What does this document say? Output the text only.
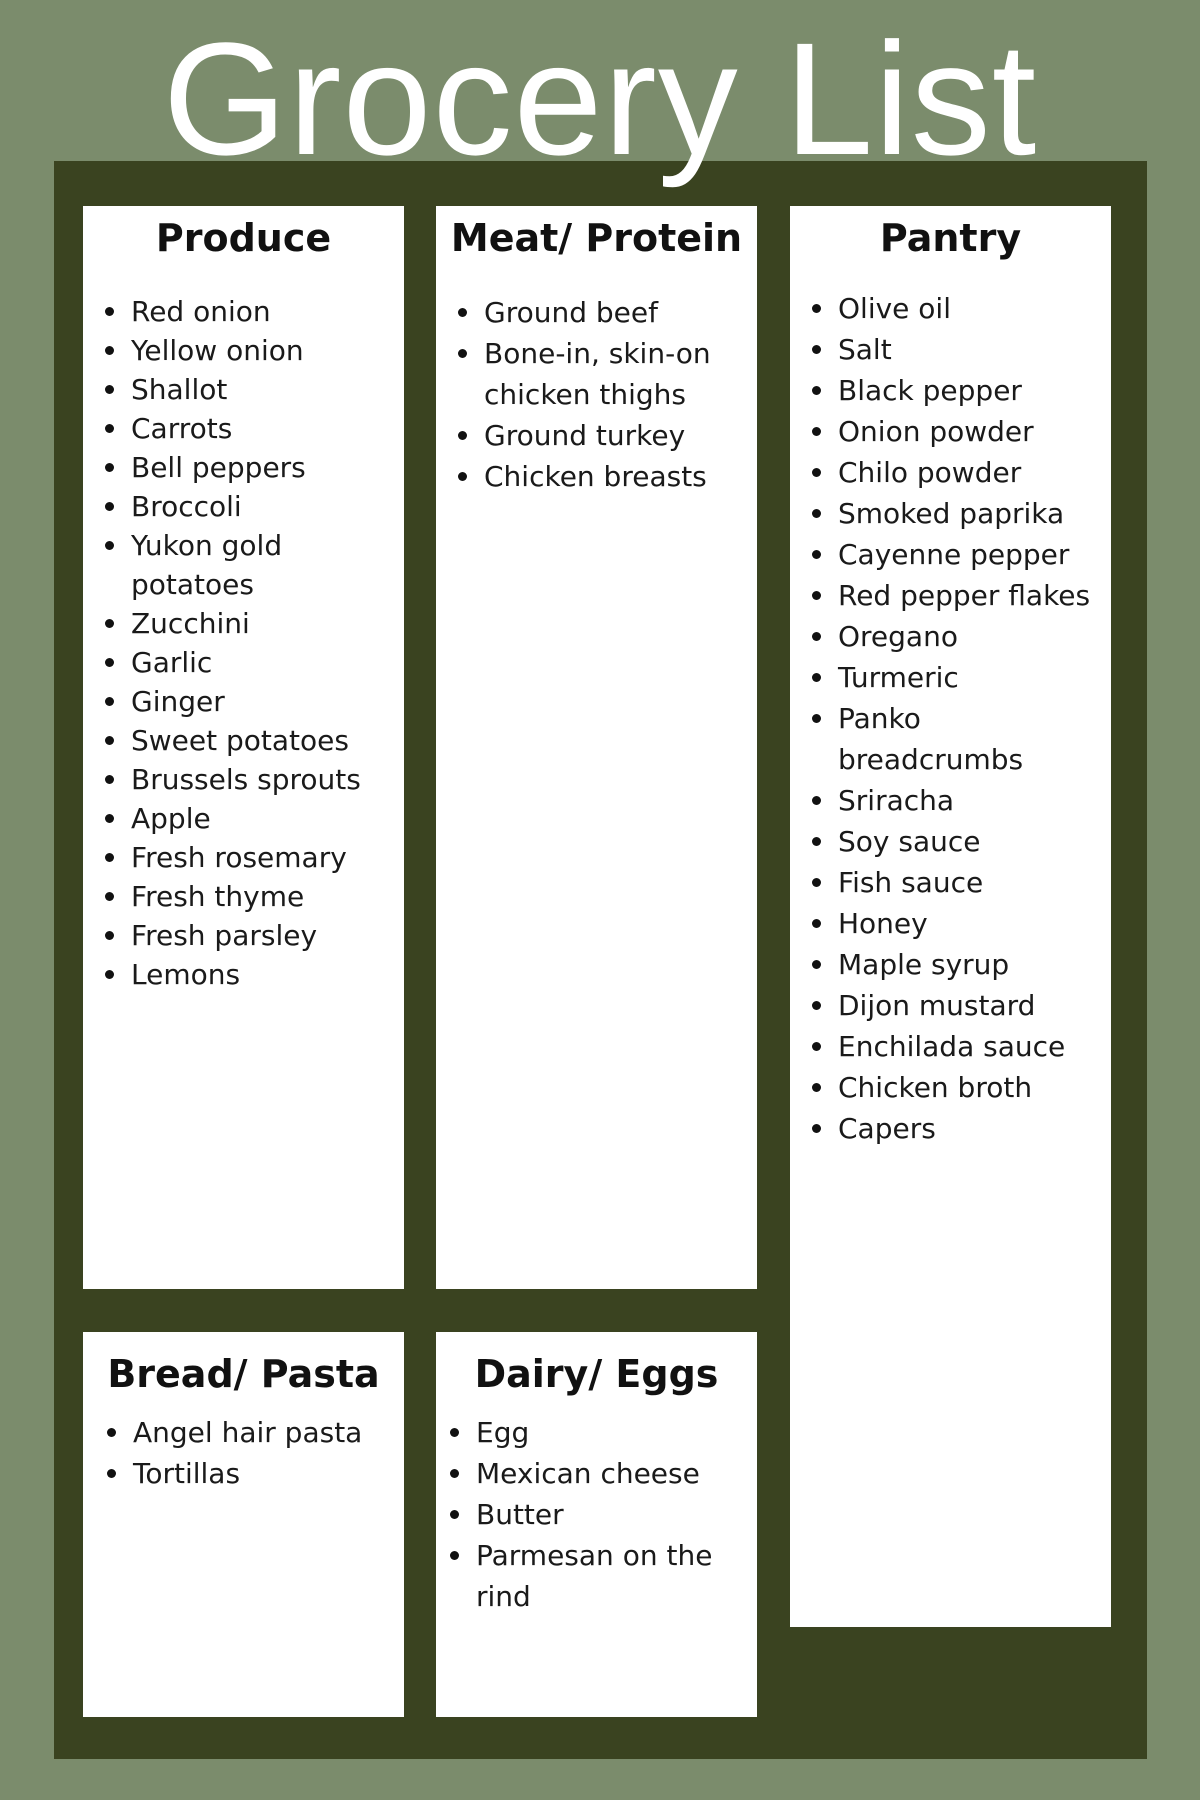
Grocery List
Produce
Red onion
Yellow onion
Shallot
Carrots
Bell peppers
Broccoli
Yukon gold potatoes
Zucchini
Garlic
Ginger
Sweet potatoes
Brussels sprouts
Apple
Fresh rosemary
Fresh thyme
Fresh parsley
Lemons
Meat/ Protein
Ground beef
Bone-in, skin-on chicken thighs
Ground turkey
Chicken breasts
Pantry
Olive oil
Salt
Black pepper
Onion powder
Chilo powder
Smoked paprika
Cayenne pepper
Red pepper flakes
Oregano
Turmeric
Panko breadcrumbs
Sriracha
Soy sauce
Fish sauce
Honey
Maple syrup
Dijon mustard
Enchilada sauce
Chicken broth
Capers
Bread/ Pasta
Angel hair pasta
Tortillas
Dairy/ Eggs
Egg
Mexican cheese
Butter
Parmesan on the rind
